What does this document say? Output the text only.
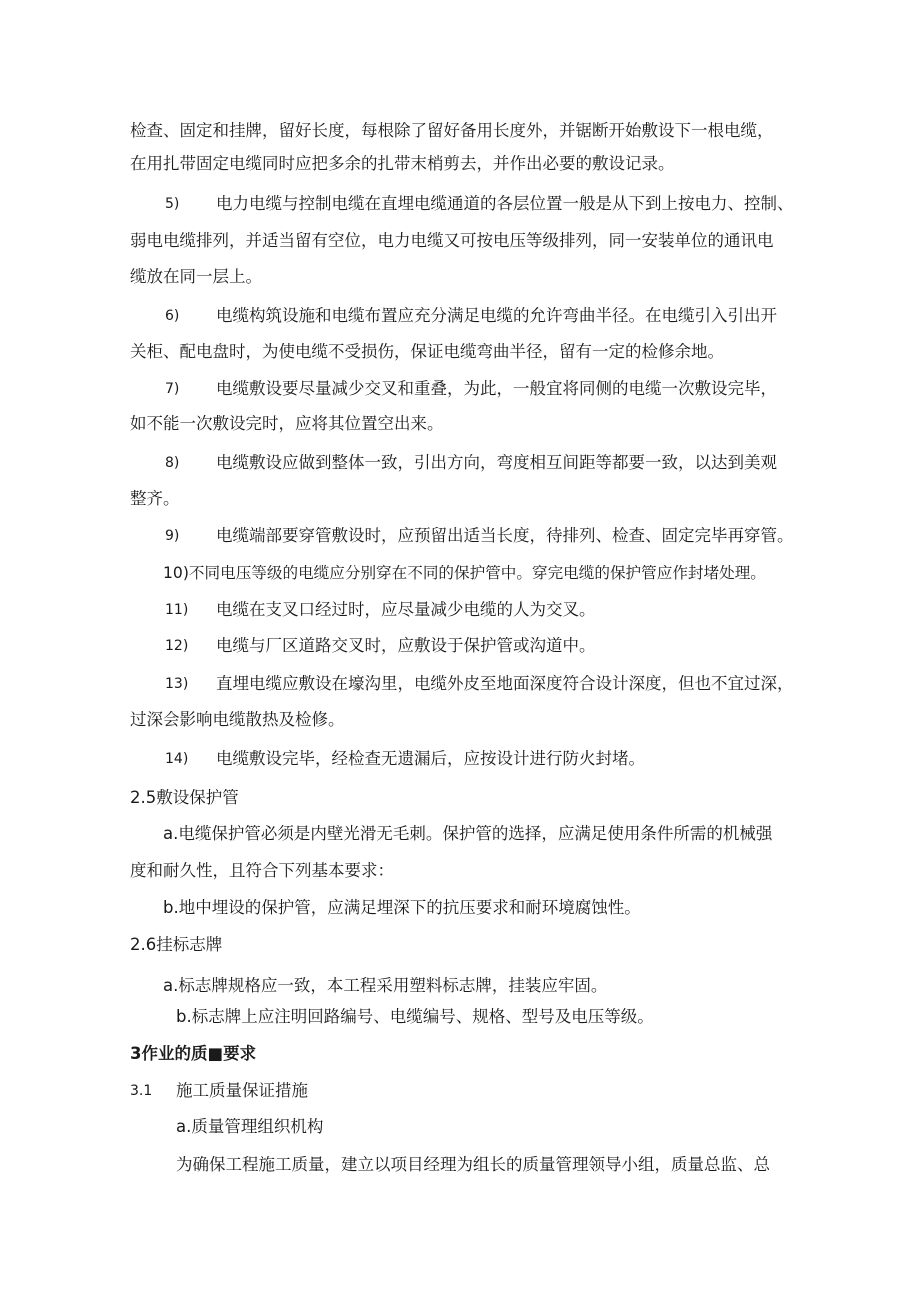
检查、固定和挂牌，留好长度，每根除了留好备用长度外，并锯断开始敷设下一根电缆，
在用扎带固定电缆同时应把多余的扎带末梢剪去，并作出必要的敷设记录。
5) 电力电缆与控制电缆在直埋电缆通道的各层位置一般是从下到上按电力、控制、
弱电电缆排列，并适当留有空位，电力电缆又可按电压等级排列，同一安装单位的通讯电
缆放在同一层上。
6) 电缆构筑设施和电缆布置应充分满足电缆的允许弯曲半径。在电缆引入引出开
关柜、配电盘时，为使电缆不受损伤，保证电缆弯曲半径，留有一定的检修余地。
7) 电缆敷设要尽量减少交叉和重叠，为此，一般宜将同侧的电缆一次敷设完毕，
如不能一次敷设完时，应将其位置空出来。
8) 电缆敷设应做到整体一致，引出方向，弯度相互间距等都要一致，以达到美观
整齐。
9) 电缆端部要穿管敷设时，应预留出适当长度，待排列、检查、固定完毕再穿管。
10)不同电压等级的电缆应分别穿在不同的保护管中。穿完电缆的保护管应作封堵处理。
11) 电缆在支叉口经过时，应尽量减少电缆的人为交叉。
12) 电缆与厂区道路交叉时，应敷设于保护管或沟道中。
13) 直埋电缆应敷设在壕沟里，电缆外皮至地面深度符合设计深度，但也不宜过深，
过深会影响电缆散热及检修。
14) 电缆敷设完毕，经检查无遗漏后，应按设计进行防火封堵。
2.5敷设保护管
a.电缆保护管必须是内壁光滑无毛刺。保护管的选择，应满足使用条件所需的机械强
度和耐久性，且符合下列基本要求：
b.地中埋设的保护管，应满足埋深下的抗压要求和耐环境腐蚀性。
2.6挂标志牌
a.标志牌规格应一致，本工程采用塑料标志牌，挂装应牢固。
b.标志牌上应注明回路编号、电缆编号、规格、型号及电压等级。
3作业的质■要求
3.1 施工质量保证措施
a.质量管理组织机构
为确保工程施工质量，建立以项目经理为组长的质量管理领导小组，质量总监、总
